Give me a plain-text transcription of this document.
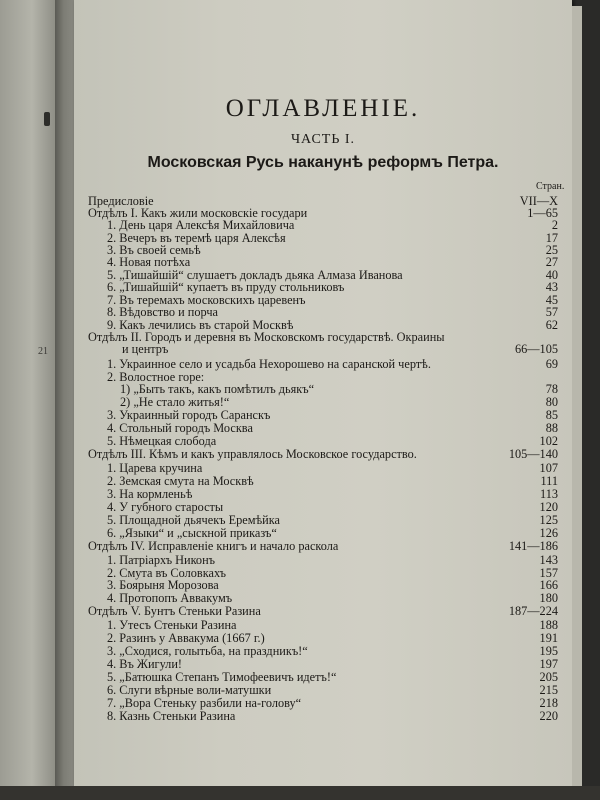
21
ОГЛАВЛЕНІЕ.
ЧАСТЬ I.
Московская Русь наканунѣ реформъ Петра.
Стран.
Предисловіе	VII—X
Отдѣлъ I. Какъ жили московскіе государи	1—65
1. День царя Алексѣя Михайловича	2
2. Вечеръ въ теремѣ царя Алексѣя	17
3. Въ своей семьѣ	25
4. Новая потѣха	27
5. „Тишайшій“ слушаетъ докладъ дьяка Алмаза Иванова	40
6. „Тишайшій“ купаетъ въ пруду стольниковъ	43
7. Въ теремахъ московскихъ царевенъ	45
8. Вѣдовство и порча	57
9. Какъ лечились въ старой Москвѣ	62
Отдѣлъ II. Городъ и деревня въ Московскомъ государствѣ. Окраины
и центръ	66—105
1. Украинное село и усадьба Нехорошево на саранской чертѣ.	69
2. Волостное горе:
1) „Быть такъ, какъ помѣтилъ дьякъ“	78
2) „Не стало житья!“	80
3. Украинный городъ Саранскъ	85
4. Стольный городъ Москва	88
5. Нѣмецкая слобода	102
Отдѣлъ III. Кѣмъ и какъ управлялось Московское государство.	105—140
1. Царева кручина	107
2. Земская смута на Москвѣ	111
3. На кормленьѣ	113
4. У губного старосты	120
5. Площадной дьячекъ Еремѣйка	125
6. „Языки“ и „сыскной приказъ“	126
Отдѣлъ IV. Исправленіе книгъ и начало раскола	141—186
1. Патріархъ Никонъ	143
2. Смута въ Соловкахъ	157
3. Боярыня Морозова	166
4. Протопопъ Аввакумъ	180
Отдѣлъ V. Бунтъ Стеньки Разина	187—224
1. Утесъ Стеньки Разина	188
2. Разинъ у Аввакума (1667 г.)	191
3. „Сходися, голытьба, на праздникъ!“	195
4. Въ Жигули!	197
5. „Батюшка Степанъ Тимофеевичъ идетъ!“	205
6. Слуги вѣрные воли-матушки	215
7. „Вора Стеньку разбили на-голову“	218
8. Казнь Стеньки Разина	220
